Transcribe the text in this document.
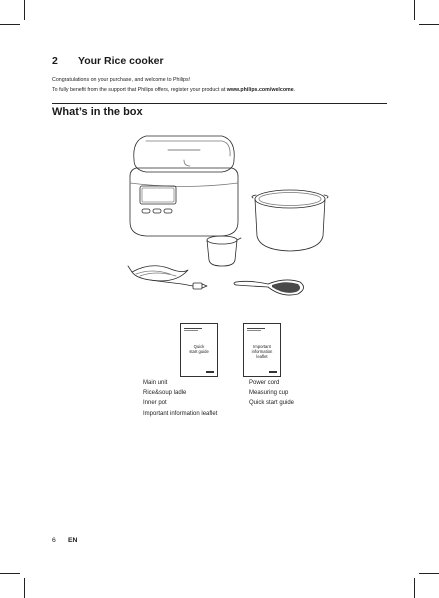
2 Your Rice cooker
Congratulations on your purchase, and welcome to Philips!
To fully benefit from the support that Philips offers, register your product at www.philips.com/welcome.
What’s in the box
Quick
start guide
Important
information
leaflet
Main unit
Rice&soup ladle
Inner pot
Important information leaflet
Power cord
Measuring cup
Quick start guide
6 EN
